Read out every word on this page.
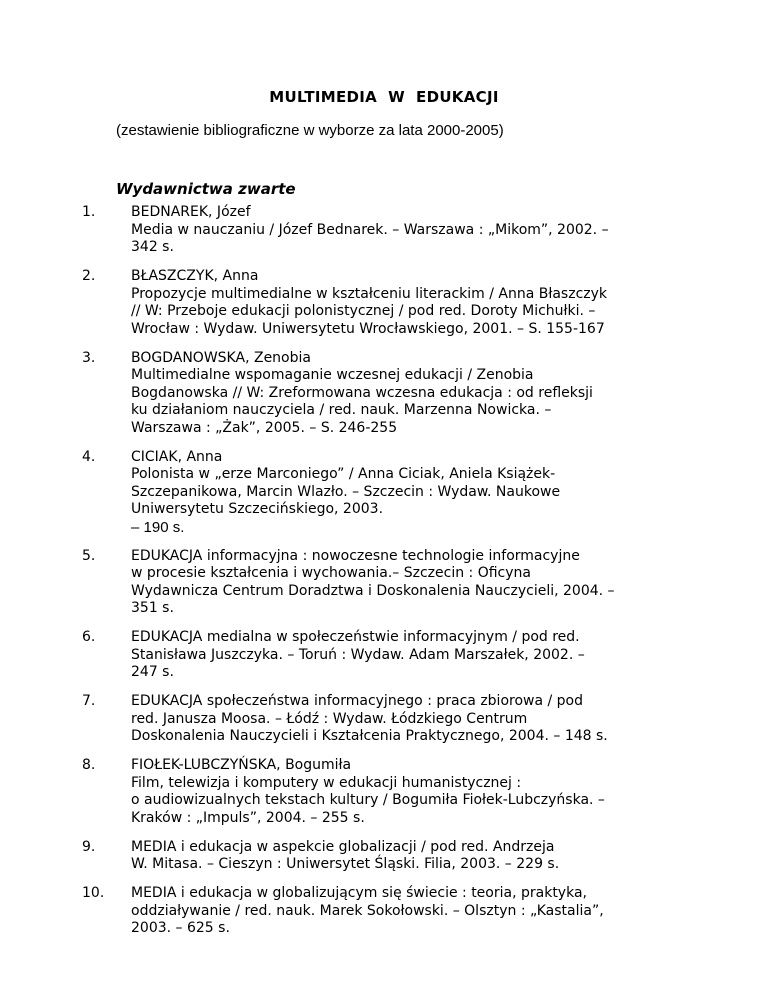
MULTIMEDIA  W  EDUKACJI
(zestawienie bibliograficzne w wyborze za lata 2000-2005)
Wydawnictwa zwarte
1.	BEDNAREK, Józef
Media w nauczaniu / Józef Bednarek. – Warszawa : „Mikom”, 2002. –
342 s.
2.	BŁASZCZYK, Anna
Propozycje multimedialne w kształceniu literackim / Anna Błaszczyk
// W: Przeboje edukacji polonistycznej / pod red. Doroty Michułki. –
Wrocław : Wydaw. Uniwersytetu Wrocławskiego, 2001. – S. 155-167
3.	BOGDANOWSKA, Zenobia
Multimedialne wspomaganie wczesnej edukacji / Zenobia
Bogdanowska // W: Zreformowana wczesna edukacja : od refleksji
ku działaniom nauczyciela / red. nauk. Marzenna Nowicka. –
Warszawa : „Żak”, 2005. – S. 246-255
4.	CICIAK, Anna
Polonista w „erze Marconiego” / Anna Ciciak, Aniela Książek-
Szczepanikowa, Marcin Wlazło. – Szczecin : Wydaw. Naukowe
Uniwersytetu Szczecińskiego, 2003.
– 190 s.
5.	EDUKACJA informacyjna : nowoczesne technologie informacyjne
w procesie kształcenia i wychowania.– Szczecin : Oficyna
Wydawnicza Centrum Doradztwa i Doskonalenia Nauczycieli, 2004. –
351 s.
6.	EDUKACJA medialna w społeczeństwie informacyjnym / pod red.
Stanisława Juszczyka. – Toruń : Wydaw. Adam Marszałek, 2002. –
247 s.
7.	EDUKACJA społeczeństwa informacyjnego : praca zbiorowa / pod
red. Janusza Moosa. – Łódź : Wydaw. Łódzkiego Centrum
Doskonalenia Nauczycieli i Kształcenia Praktycznego, 2004. – 148 s.
8.	FIOŁEK-LUBCZYŃSKA, Bogumiła
Film, telewizja i komputery w edukacji humanistycznej :
o audiowizualnych tekstach kultury / Bogumiła Fiołek-Lubczyńska. –
Kraków : „Impuls”, 2004. – 255 s.
9.	MEDIA i edukacja w aspekcie globalizacji / pod red. Andrzeja
W. Mitasa. – Cieszyn : Uniwersytet Śląski. Filia, 2003. – 229 s.
10. MEDIA i edukacja w globalizującym się świecie : teoria, praktyka,
oddziaływanie / red. nauk. Marek Sokołowski. – Olsztyn : „Kastalia”,
2003. – 625 s.
